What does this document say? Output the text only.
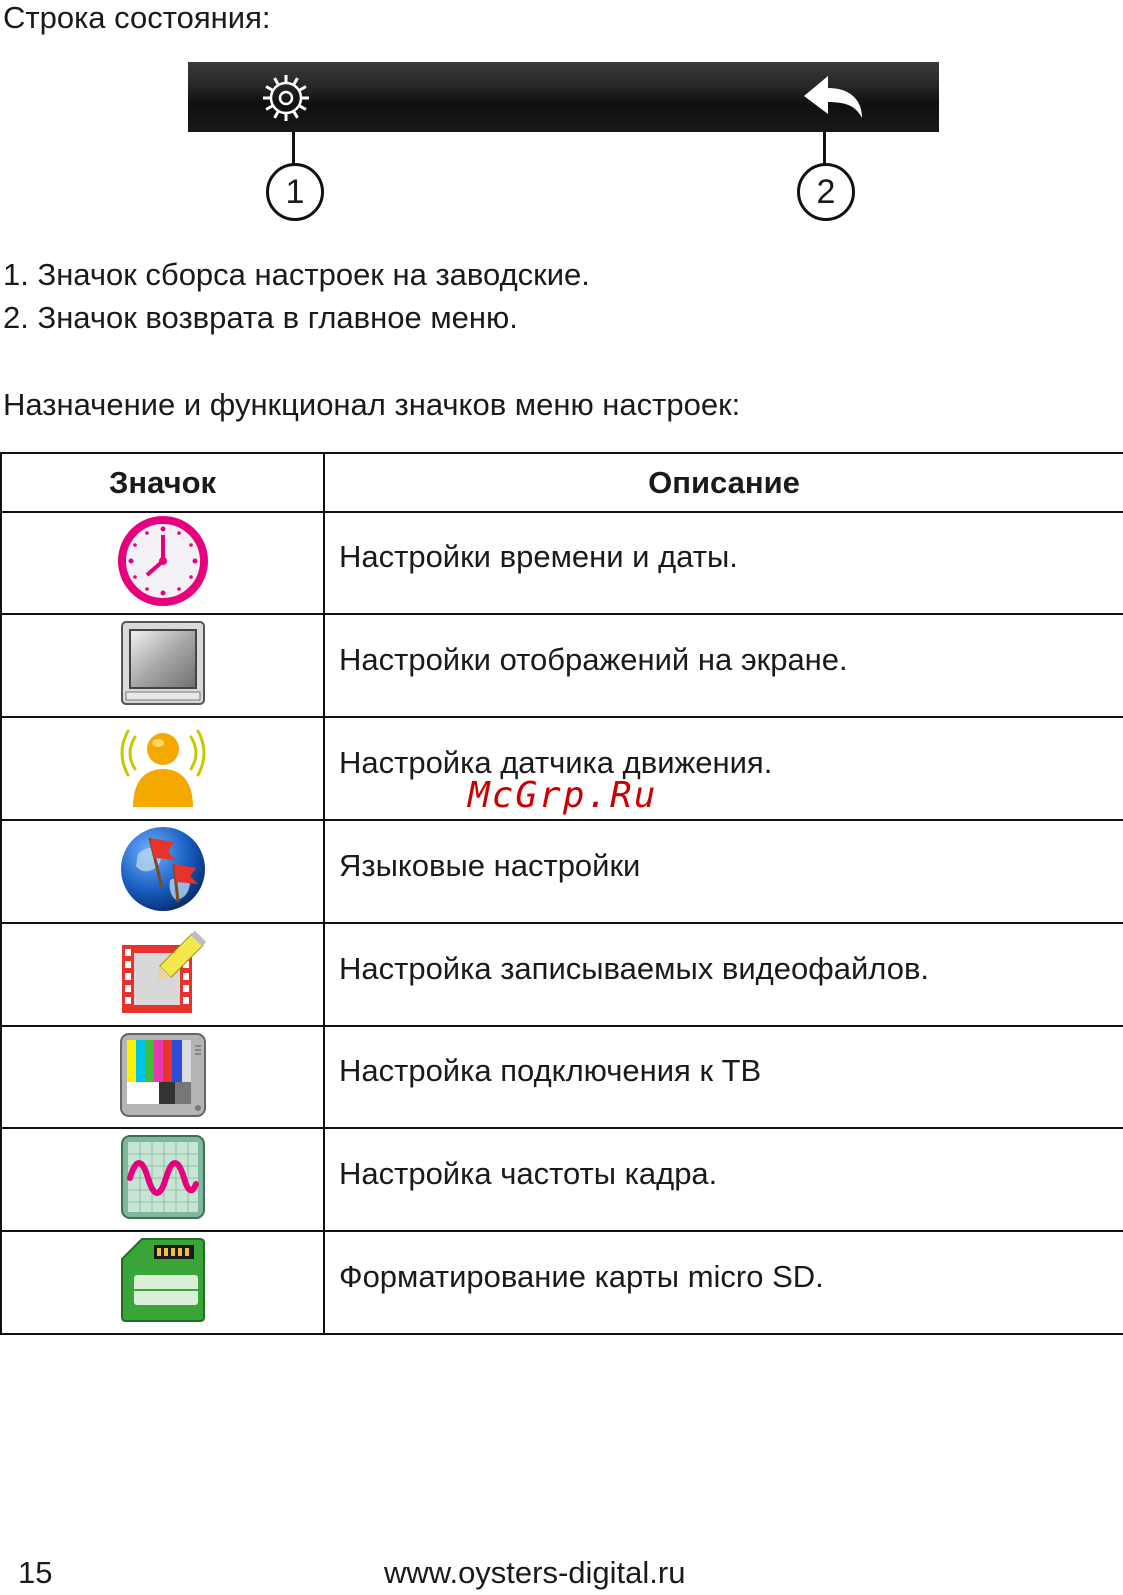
Строка состояния:
1	2
1. Значок сборса настроек на заводские.
2. Значок возврата в главное меню.
Назначение и функционал значков меню настроек:
Значок	Описание
	Настройки времени и даты.
	Настройки отображений на экране.
	Настройка датчика движения.
	Языковые настройки
	Настройка записываемых видеофайлов.
	Настройка подключения к ТВ
	Настройка частоты кадра.
	Форматирование карты micro SD.
McGrp.Ru
15	www.oysters-digital.ru
